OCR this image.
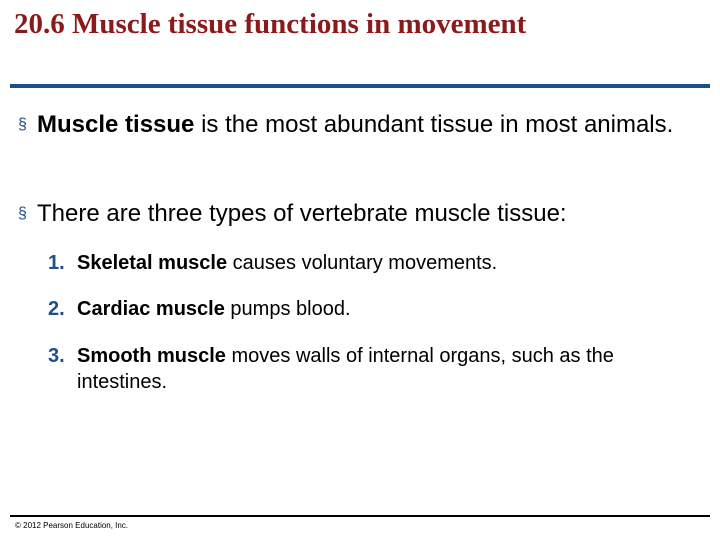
20.6 Muscle tissue functions in movement
§ Muscle tissue is the most abundant tissue in most animals.
§ There are three types of vertebrate muscle tissue:
1. Skeletal muscle causes voluntary movements.
2. Cardiac muscle pumps blood.
3. Smooth muscle moves walls of internal organs, such as the intestines.
© 2012 Pearson Education, Inc.
